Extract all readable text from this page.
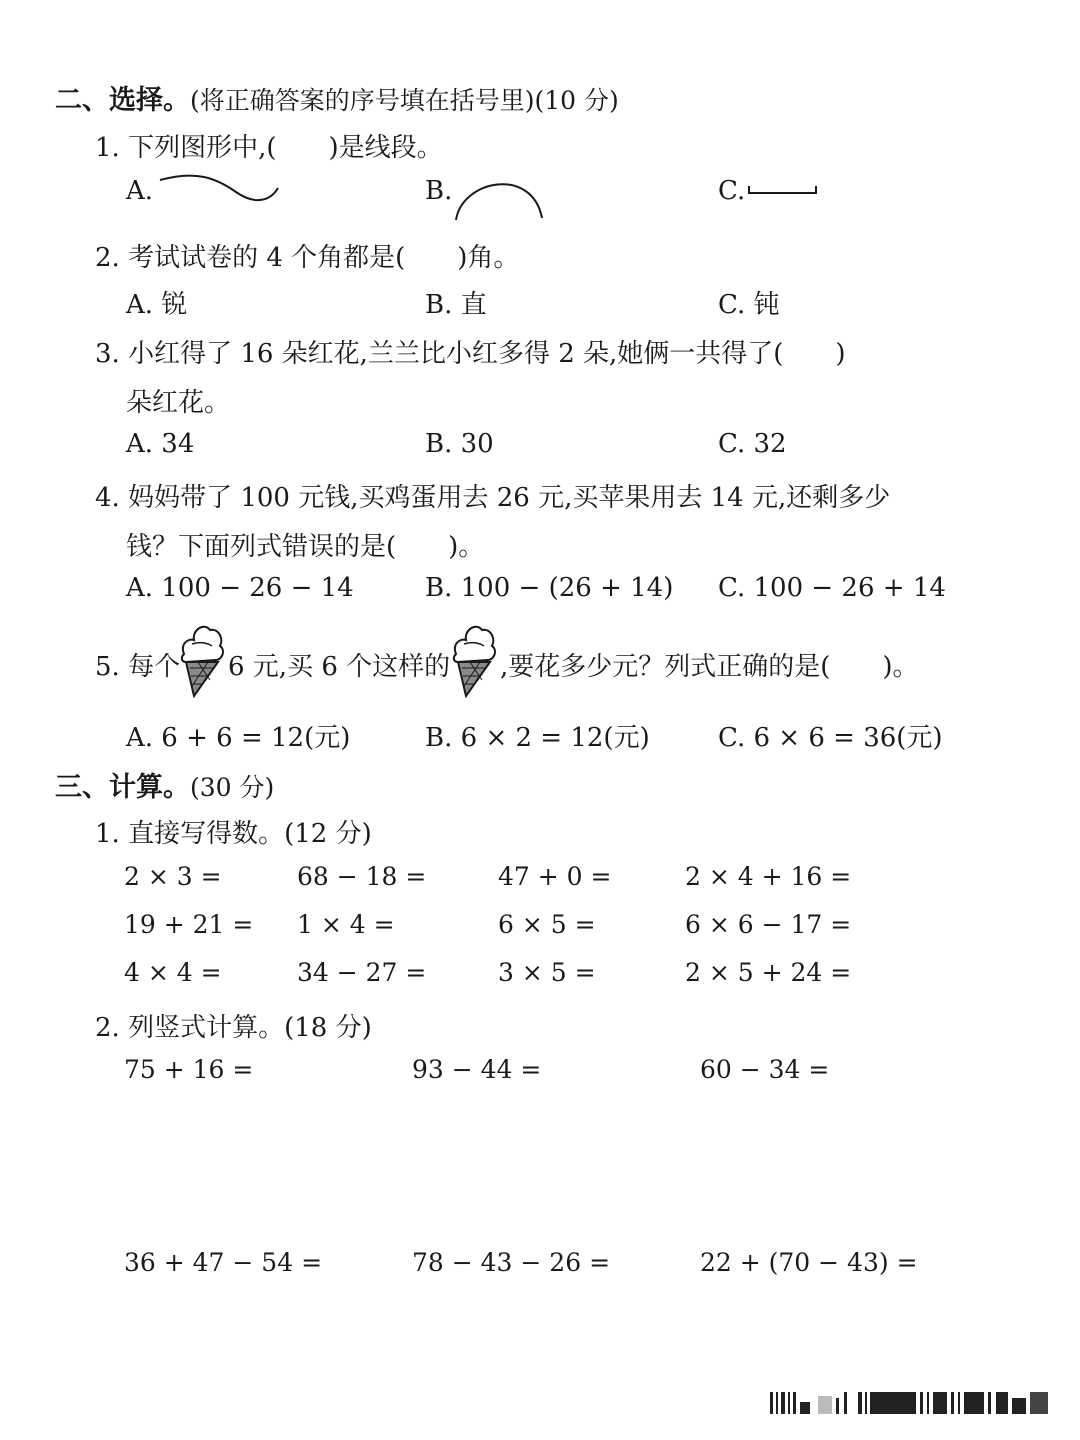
二、选择。(将正确答案的序号填在括号里)(10 分)
1. 下列图形中,(　　)是线段。
A.	B.	C.
2. 考试试卷的 4 个角都是(　　)角。
A. 锐	B. 直	C. 钝
3. 小红得了 16 朵红花,兰兰比小红多得 2 朵,她俩一共得了(　　)
朵红花。
A. 34	B. 30	C. 32
4. 妈妈带了 100 元钱,买鸡蛋用去 26 元,买苹果用去 14 元,还剩多少
钱？下面列式错误的是(　　)。
A. 100 − 26 − 14	B. 100 − (26 + 14) C. 100 − 26 + 14
5. 每个 6 元,买 6 个这样的 ,要花多少元？列式正确的是(　　)。
A. 6 + 6 = 12(元)	B. 6 × 2 = 12(元)	C. 6 × 6 = 36(元)
三、计算。(30 分)
1. 直接写得数。(12 分)
2 × 3 =	68 − 18 =	47 + 0 =	2 × 4 + 16 =
19 + 21 = 1 × 4 =	6 × 5 =	6 × 6 − 17 =
4 × 4 =	34 − 27 =	3 × 5 =	2 × 5 + 24 =
2. 列竖式计算。(18 分)
75 + 16 =	93 − 44 =	60 − 34 =
36 + 47 − 54 =	78 − 43 − 26 =	22 + (70 − 43) =
